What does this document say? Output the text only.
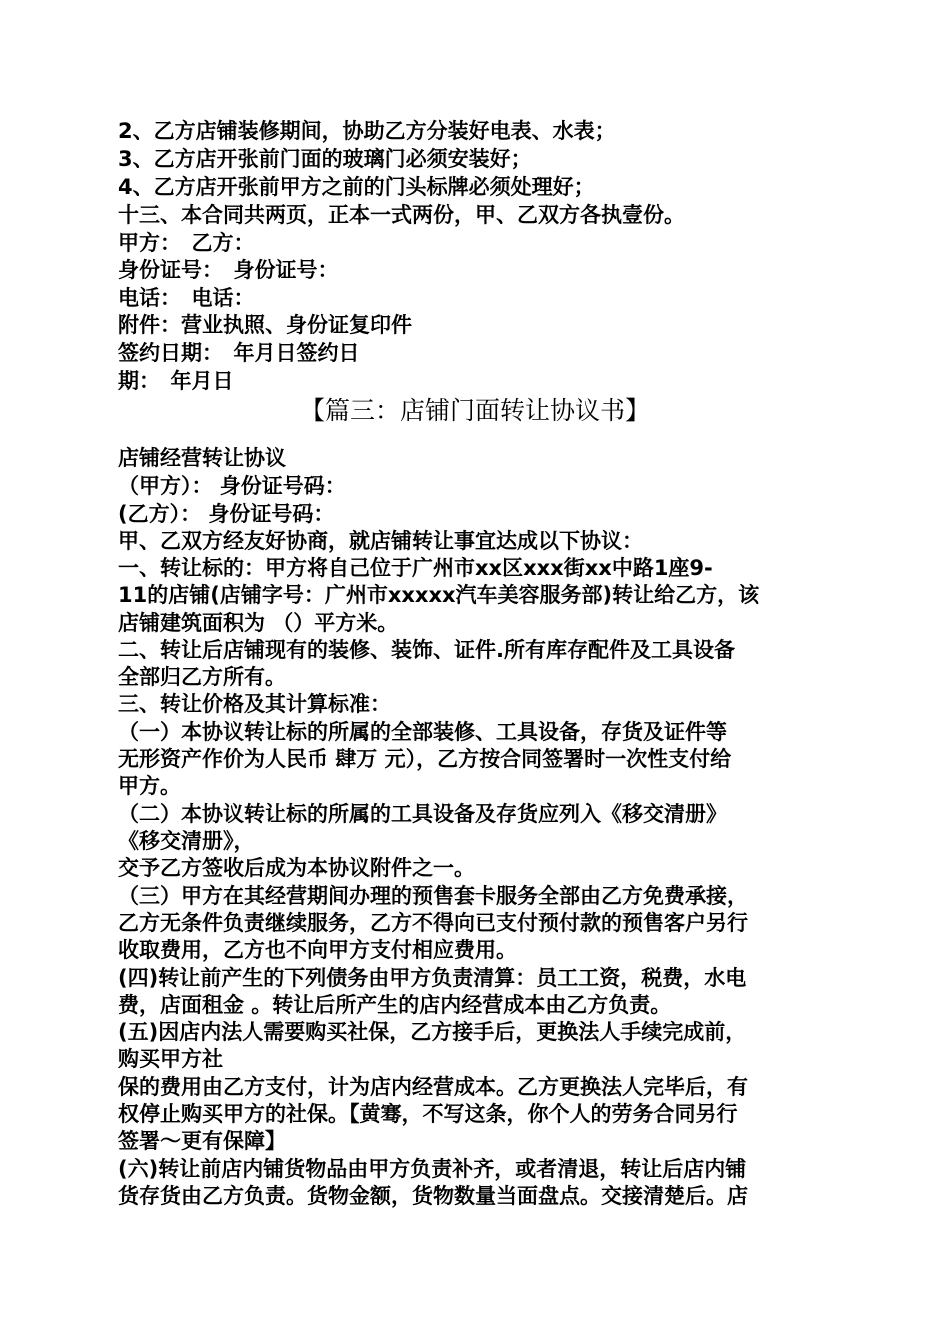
2、乙方店铺装修期间，协助乙方分装好电表、水表；
3、乙方店开张前门面的玻璃门必须安装好；
4、乙方店开张前甲方之前的门头标牌必须处理好；
十三、本合同共两页，正本一式两份，甲、乙双方各执壹份。
甲方：　乙方：
身份证号：　身份证号：
电话：　电话：
附件：营业执照、身份证复印件
签约日期：　年月日签约日
期：　年月日
【篇三：店铺门面转让协议书】
店铺经营转让协议
（甲方）： 身份证号码：
(乙方）： 身份证号码：
甲、乙双方经友好协商，就店铺转让事宜达成以下协议：
一、转让标的：甲方将自己位于广州市xx区xxx街xx中路1座9-
11的店铺(店铺字号：广州市xxxxx汽车美容服务部)转让给乙方，该
店铺建筑面积为 （）平方米。
二、转让后店铺现有的装修、装饰、证件.所有库存配件及工具设备
全部归乙方所有。
三、转让价格及其计算标准：
（一）本协议转让标的所属的全部装修、工具设备，存货及证件等
无形资产作价为人民币 肆万 元），乙方按合同签署时一次性支付给
甲方。
（二）本协议转让标的所属的工具设备及存货应列入《移交清册》
《移交清册》，
交予乙方签收后成为本协议附件之一。
（三）甲方在其经营期间办理的预售套卡服务全部由乙方免费承接，
乙方无条件负责继续服务，乙方不得向已支付预付款的预售客户另行
收取费用，乙方也不向甲方支付相应费用。
(四)转让前产生的下列债务由甲方负责清算：员工工资，税费，水电
费，店面租金 。转让后所产生的店内经营成本由乙方负责。
(五)因店内法人需要购买社保，乙方接手后，更换法人手续完成前，
购买甲方社
保的费用由乙方支付，计为店内经营成本。乙方更换法人完毕后，有
权停止购买甲方的社保。【黄骞，不写这条，你个人的劳务合同另行
签署～更有保障】
(六)转让前店内铺货物品由甲方负责补齐，或者清退，转让后店内铺
货存货由乙方负责。货物金额，货物数量当面盘点。交接清楚后。店
